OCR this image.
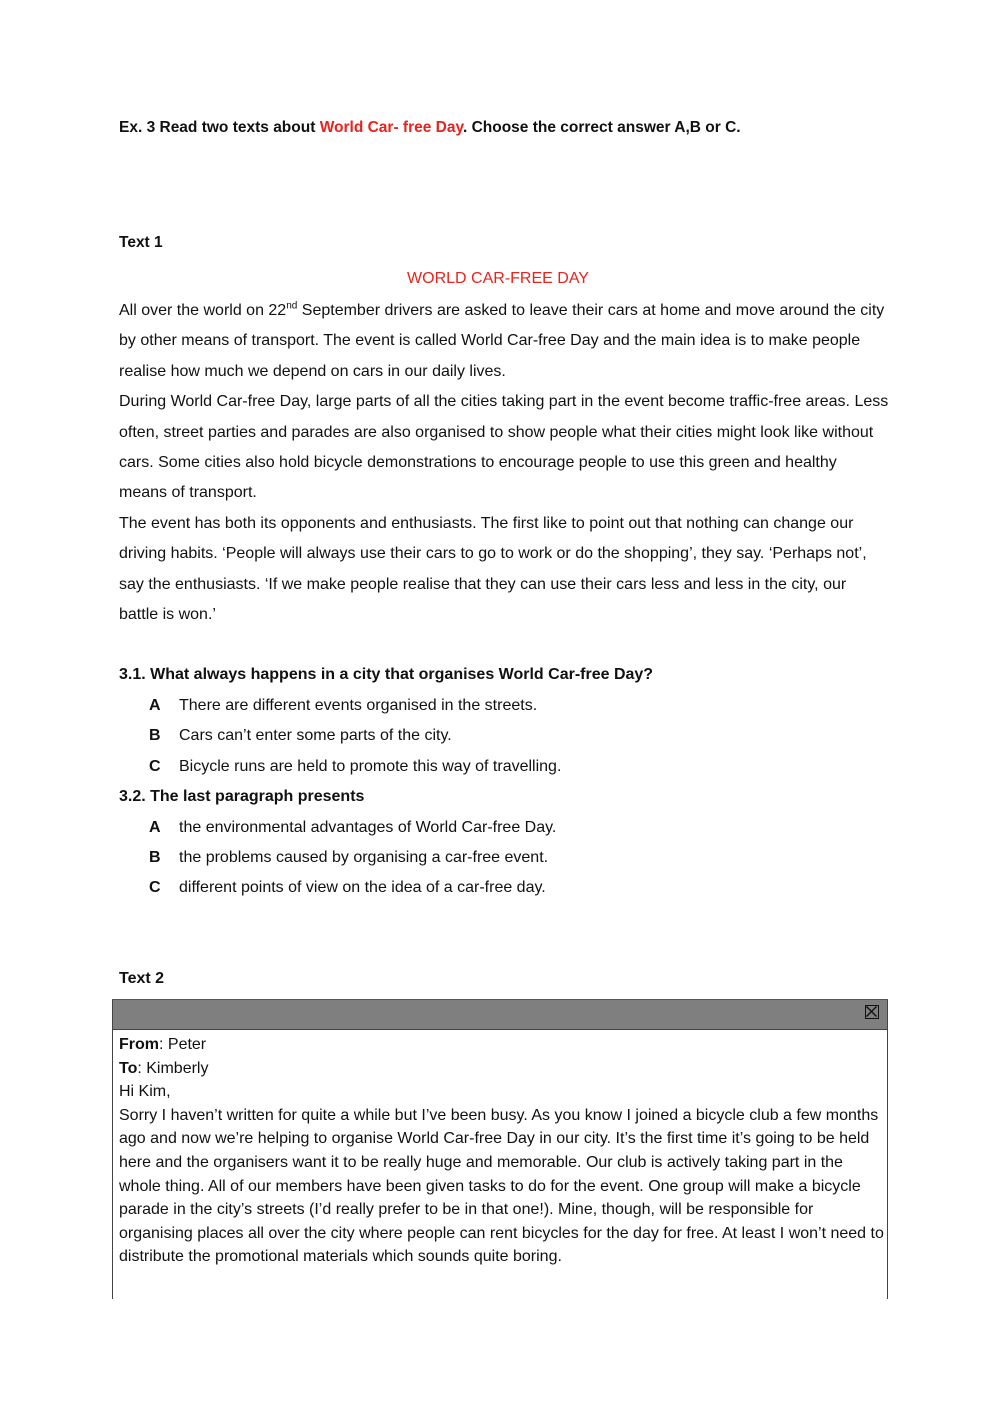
Ex. 3 Read two texts about World Car- free Day. Choose the correct answer A,B or C.
Text 1
WORLD CAR-FREE DAY

All over the world on 22nd September drivers are asked to leave their cars at home and move around the city by other means of transport. The event is called World Car-free Day and the main idea is to make people realise how much we depend on cars in our daily lives.

During World Car-free Day, large parts of all the cities taking part in the event become traffic-free areas. Less often, street parties and parades are also organised to show people what their cities might look like without cars. Some cities also hold bicycle demonstrations to encourage people to use this green and healthy means of transport.

The event has both its opponents and enthusiasts. The first like to point out that nothing can change our driving habits. ‘People will always use their cars to go to work or do the shopping’, they say. ‘Perhaps not’, say the enthusiasts. ‘If we make people realise that they can use their cars less and less in the city, our battle is won.’

3.1. What always happens in a city that organises World Car-free Day?
A There are different events organised in the streets.
B Cars can’t enter some parts of the city.
C Bicycle runs are held to promote this way of travelling.
3.2. The last paragraph presents
A the environmental advantages of World Car-free Day.
B the problems caused by organising a car-free event.
C different points of view on the idea of a car-free day.
Text 2

From: Peter

To: Kimberly

Hi Kim,

Sorry I haven’t written for quite a while but I’ve been busy. As you know I joined a bicycle club a few months ago and now we’re helping to organise World Car-free Day in our city. It’s the first time it’s going to be held here and the organisers want it to be really huge and memorable. Our club is actively taking part in the whole thing. All of our members have been given tasks to do for the event. One group will make a bicycle parade in the city’s streets (I’d really prefer to be in that one!). Mine, though, will be responsible for organising places all over the city where people can rent bicycles for the day for free. At least I won’t need to distribute the promotional materials which sounds quite boring.
